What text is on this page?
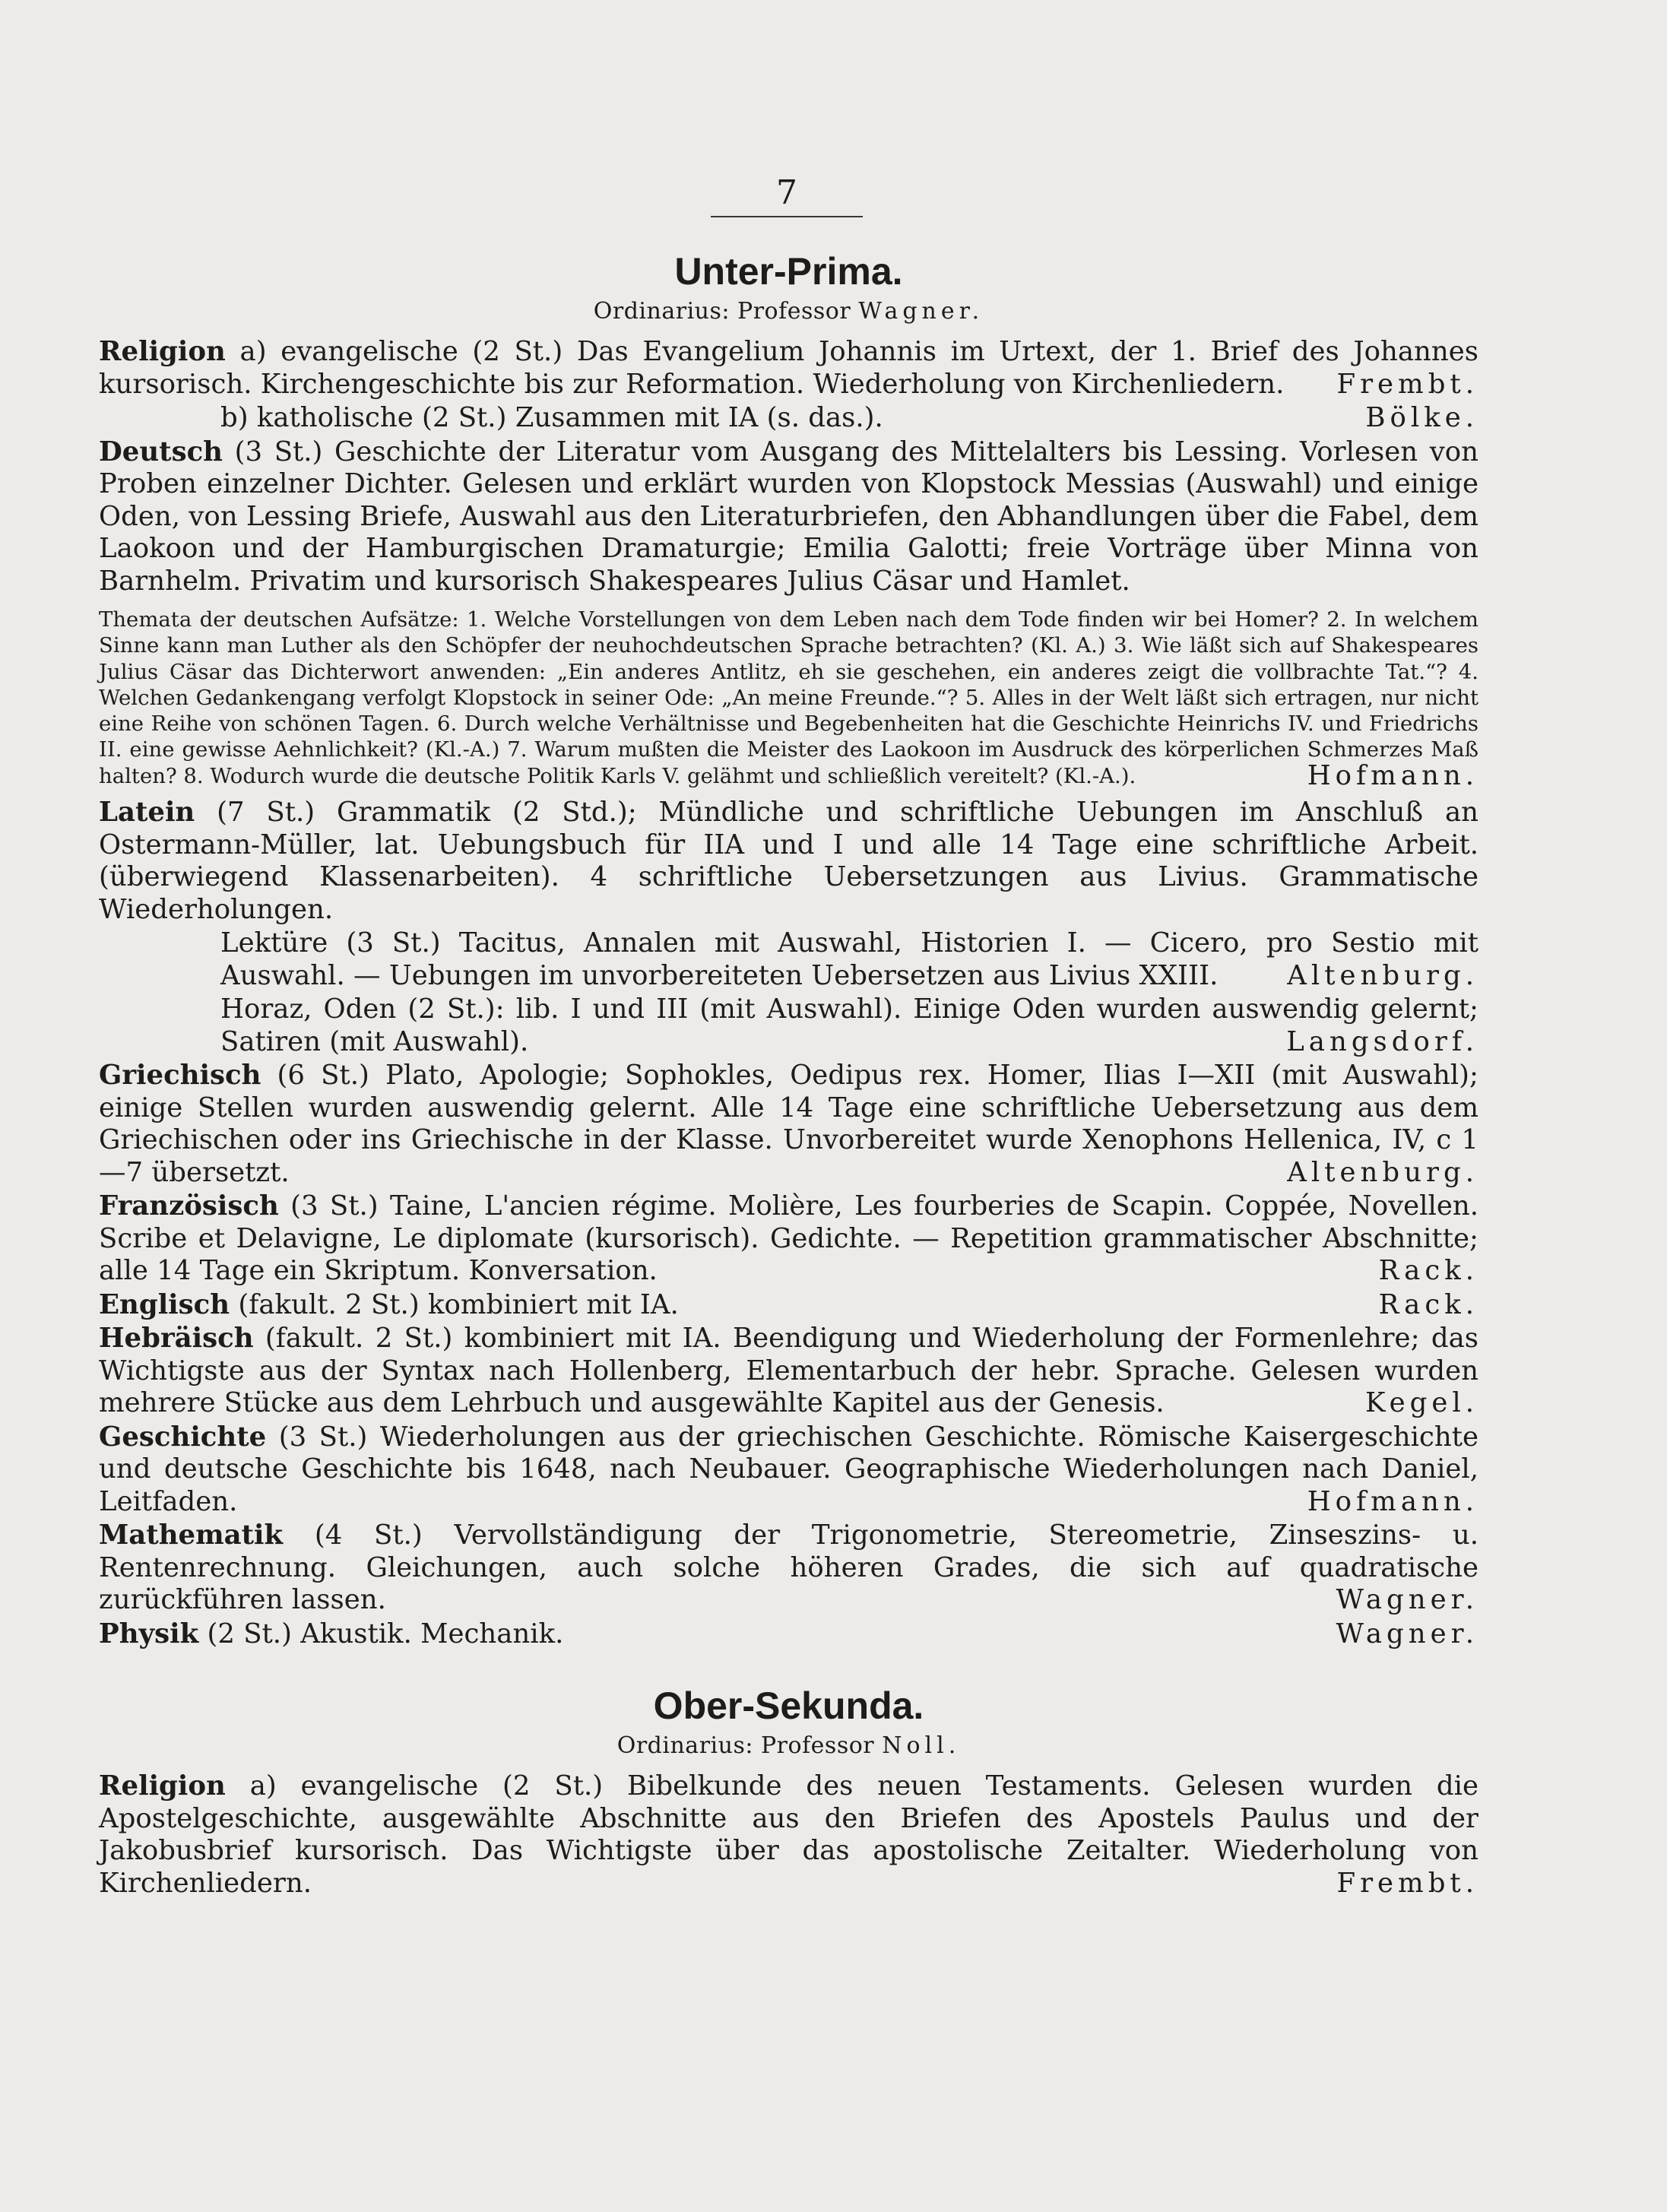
7
Unter-Prima.
Ordinarius: Professor Wagner.

Religion a) evangelische (2 St.) Das Evangelium Johannis im Urtext, der 1. Brief des Johannes kursorisch. Kirchengeschichte bis zur Reformation. Wiederholung von Kirchenliedern. Frembt.

b) katholische (2 St.) Zusammen mit IA (s. das.).	Bölke.

Deutsch (3 St.) Geschichte der Literatur vom Ausgang des Mittelalters bis Lessing. Vorlesen von Proben einzelner Dichter. Gelesen und erklärt wurden von Klopstock Messias (Auswahl) und einige Oden, von Lessing Briefe, Auswahl aus den Literaturbriefen, den Abhandlungen über die Fabel, dem Laokoon und der Hamburgischen Dramaturgie; Emilia Galotti; freie Vorträge über Minna von Barnhelm. Privatim und kursorisch Shakespeares Julius Cäsar und Hamlet.

Themata der deutschen Aufsätze: 1. Welche Vorstellungen von dem Leben nach dem Tode finden wir bei Homer? 2. In welchem Sinne kann man Luther als den Schöpfer der neuhochdeutschen Sprache betrachten? (Kl. A.) 3. Wie läßt sich auf Shakespeares Julius Cäsar das Dichterwort anwenden: „Ein anderes Antlitz, eh sie geschehen, ein anderes zeigt die vollbrachte Tat.“? 4. Welchen Gedankengang verfolgt Klopstock in seiner Ode: „An meine Freunde.“? 5. Alles in der Welt läßt sich ertragen, nur nicht eine Reihe von schönen Tagen. 6. Durch welche Verhältnisse und Begebenheiten hat die Geschichte Heinrichs IV. und Friedrichs II. eine gewisse Aehnlichkeit? (Kl.-A.) 7. Warum mußten die Meister des Laokoon im Ausdruck des körperlichen Schmerzes Maß halten? 8. Wodurch wurde die deutsche Politik Karls V. gelähmt und schließlich vereitelt? (Kl.-A.).	Hofmann.

Latein (7 St.) Grammatik (2 Std.); Mündliche und schriftliche Uebungen im Anschluß an Ostermann-Müller, lat. Uebungsbuch für IIA und I und alle 14 Tage eine schriftliche Arbeit. (überwiegend Klassenarbeiten). 4 schriftliche Uebersetzungen aus Livius. Grammatische Wiederholungen.

Lektüre (3 St.) Tacitus, Annalen mit Auswahl, Historien I. — Cicero, pro Sestio mit Auswahl. — Uebungen im unvorbereiteten Uebersetzen aus Livius XXIII.	Altenburg.

Horaz, Oden (2 St.): lib. I und III (mit Auswahl). Einige Oden wurden auswendig gelernt; Satiren (mit Auswahl).	Langsdorf.

Griechisch (6 St.) Plato, Apologie; Sophokles, Oedipus rex. Homer, Ilias I—XII (mit Auswahl); einige Stellen wurden auswendig gelernt. Alle 14 Tage eine schriftliche Uebersetzung aus dem Griechischen oder ins Griechische in der Klasse. Unvorbereitet wurde Xenophons Hellenica, IV, c 1—7 übersetzt.	Altenburg.

Französisch (3 St.) Taine, L'ancien régime. Molière, Les fourberies de Scapin. Coppée, Novellen. Scribe et Delavigne, Le diplomate (kursorisch). Gedichte. — Repetition grammatischer Abschnitte; alle 14 Tage ein Skriptum. Konversation.	Rack.

Englisch (fakult. 2 St.) kombiniert mit IA.	Rack.

Hebräisch (fakult. 2 St.) kombiniert mit IA. Beendigung und Wiederholung der Formenlehre; das Wichtigste aus der Syntax nach Hollenberg, Elementarbuch der hebr. Sprache. Gelesen wurden mehrere Stücke aus dem Lehrbuch und ausgewählte Kapitel aus der Genesis.	Kegel.

Geschichte (3 St.) Wiederholungen aus der griechischen Geschichte. Römische Kaisergeschichte und deutsche Geschichte bis 1648, nach Neubauer. Geographische Wiederholungen nach Daniel, Leitfaden.	Hofmann.

Mathematik (4 St.) Vervollständigung der Trigonometrie, Stereometrie, Zinseszins- u. Rentenrechnung. Gleichungen, auch solche höheren Grades, die sich auf quadratische zurückführen lassen.	Wagner.

Physik (2 St.) Akustik. Mechanik.	Wagner.

Ober-Sekunda.
Ordinarius: Professor Noll.

Religion a) evangelische (2 St.) Bibelkunde des neuen Testaments. Gelesen wurden die Apostelgeschichte, ausgewählte Abschnitte aus den Briefen des Apostels Paulus und der Jakobusbrief kursorisch. Das Wichtigste über das apostolische Zeitalter. Wiederholung von Kirchenliedern.	Frembt.
